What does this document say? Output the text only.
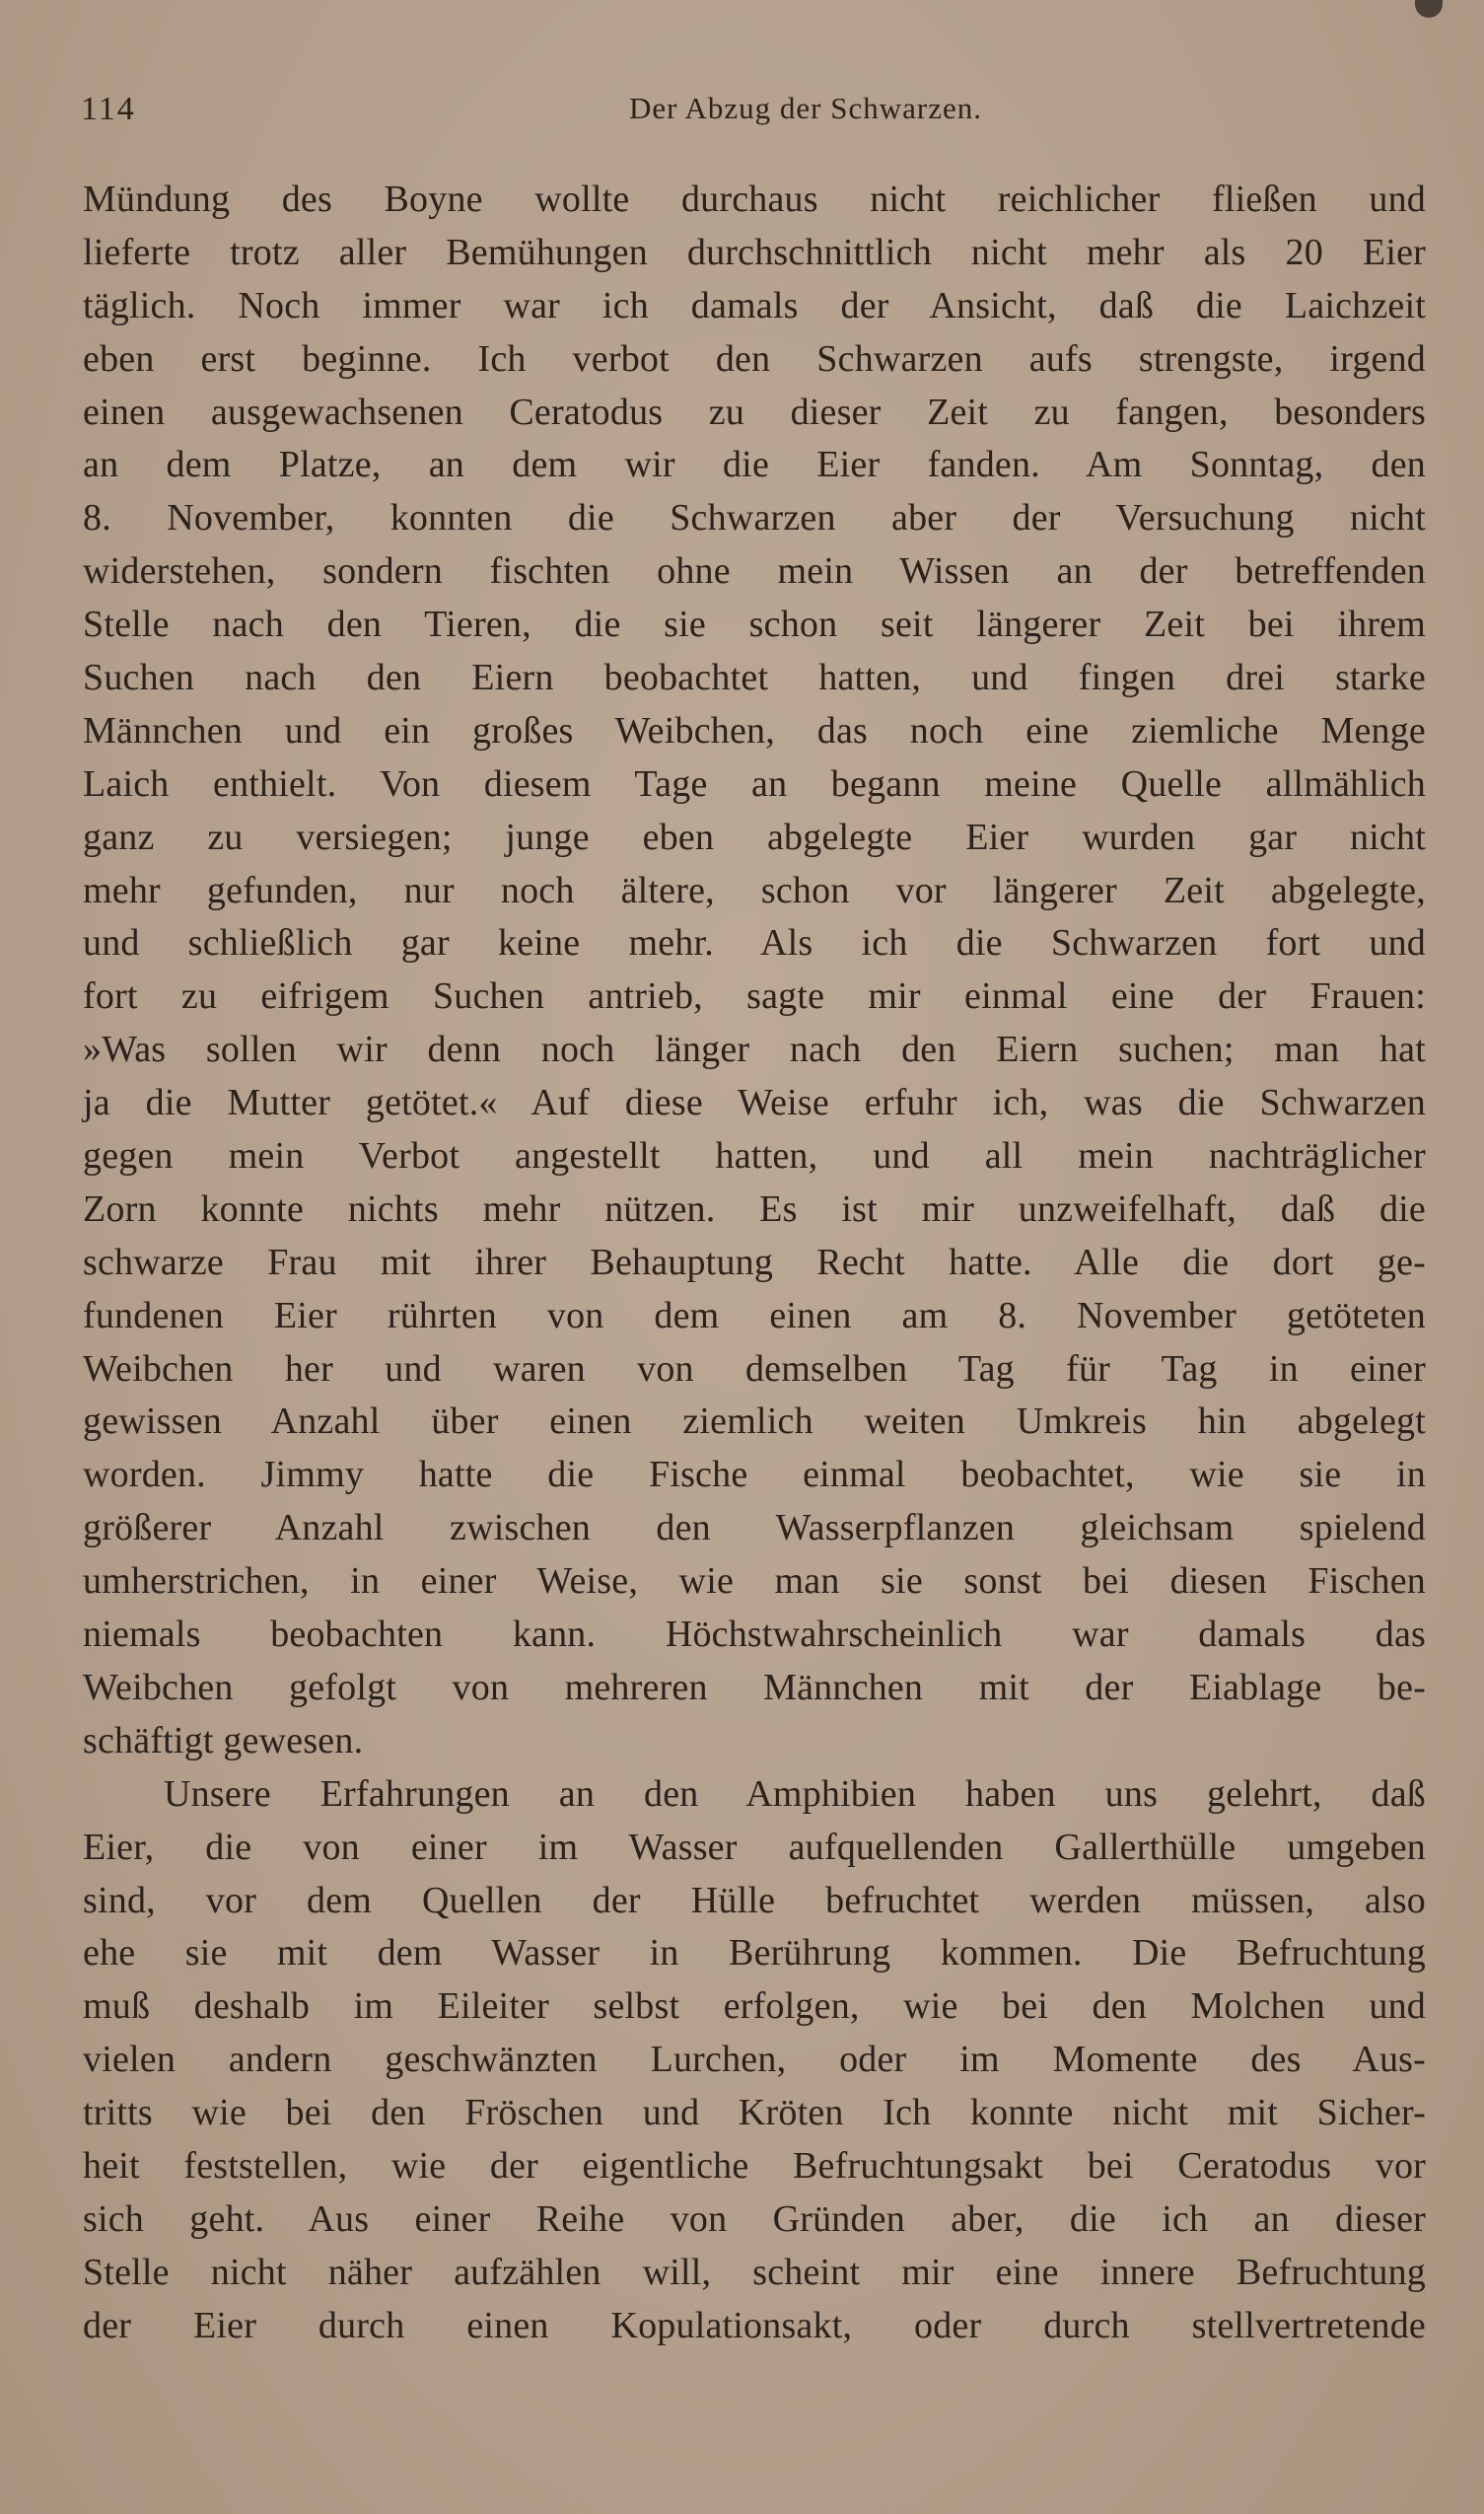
114	Der Abzug der Schwarzen.
Mündung des Boyne wollte durchaus nicht reichlicher fließen und
lieferte trotz aller Bemühungen durchschnittlich nicht mehr als 20 Eier
täglich. Noch immer war ich damals der Ansicht, daß die Laichzeit
eben erst beginne. Ich verbot den Schwarzen aufs strengste, irgend
einen ausgewachsenen Ceratodus zu dieser Zeit zu fangen, besonders
an dem Platze, an dem wir die Eier fanden. Am Sonntag, den
8. November, konnten die Schwarzen aber der Versuchung nicht
widerstehen, sondern fischten ohne mein Wissen an der betreffenden
Stelle nach den Tieren, die sie schon seit längerer Zeit bei ihrem
Suchen nach den Eiern beobachtet hatten, und fingen drei starke
Männchen und ein großes Weibchen, das noch eine ziemliche Menge
Laich enthielt. Von diesem Tage an begann meine Quelle allmählich
ganz zu versiegen; junge eben abgelegte Eier wurden gar nicht
mehr gefunden, nur noch ältere, schon vor längerer Zeit abgelegte,
und schließlich gar keine mehr. Als ich die Schwarzen fort und
fort zu eifrigem Suchen antrieb, sagte mir einmal eine der Frauen:
»Was sollen wir denn noch länger nach den Eiern suchen; man hat
ja die Mutter getötet.« Auf diese Weise erfuhr ich, was die Schwarzen
gegen mein Verbot angestellt hatten, und all mein nachträglicher
Zorn konnte nichts mehr nützen. Es ist mir unzweifelhaft, daß die
schwarze Frau mit ihrer Behauptung Recht hatte. Alle die dort ge-
fundenen Eier rührten von dem einen am 8. November getöteten
Weibchen her und waren von demselben Tag für Tag in einer
gewissen Anzahl über einen ziemlich weiten Umkreis hin abgelegt
worden. Jimmy hatte die Fische einmal beobachtet, wie sie in
größerer Anzahl zwischen den Wasserpflanzen gleichsam spielend
umherstrichen, in einer Weise, wie man sie sonst bei diesen Fischen
niemals beobachten kann. Höchstwahrscheinlich war damals das
Weibchen gefolgt von mehreren Männchen mit der Eiablage be-
schäftigt gewesen.
Unsere Erfahrungen an den Amphibien haben uns gelehrt, daß
Eier, die von einer im Wasser aufquellenden Gallerthülle umgeben
sind, vor dem Quellen der Hülle befruchtet werden müssen, also
ehe sie mit dem Wasser in Berührung kommen. Die Befruchtung
muß deshalb im Eileiter selbst erfolgen, wie bei den Molchen und
vielen andern geschwänzten Lurchen, oder im Momente des Aus-
tritts wie bei den Fröschen und Kröten Ich konnte nicht mit Sicher-
heit feststellen, wie der eigentliche Befruchtungsakt bei Ceratodus vor
sich geht. Aus einer Reihe von Gründen aber, die ich an dieser
Stelle nicht näher aufzählen will, scheint mir eine innere Befruchtung
der Eier durch einen Kopulationsakt, oder durch stellvertretende
